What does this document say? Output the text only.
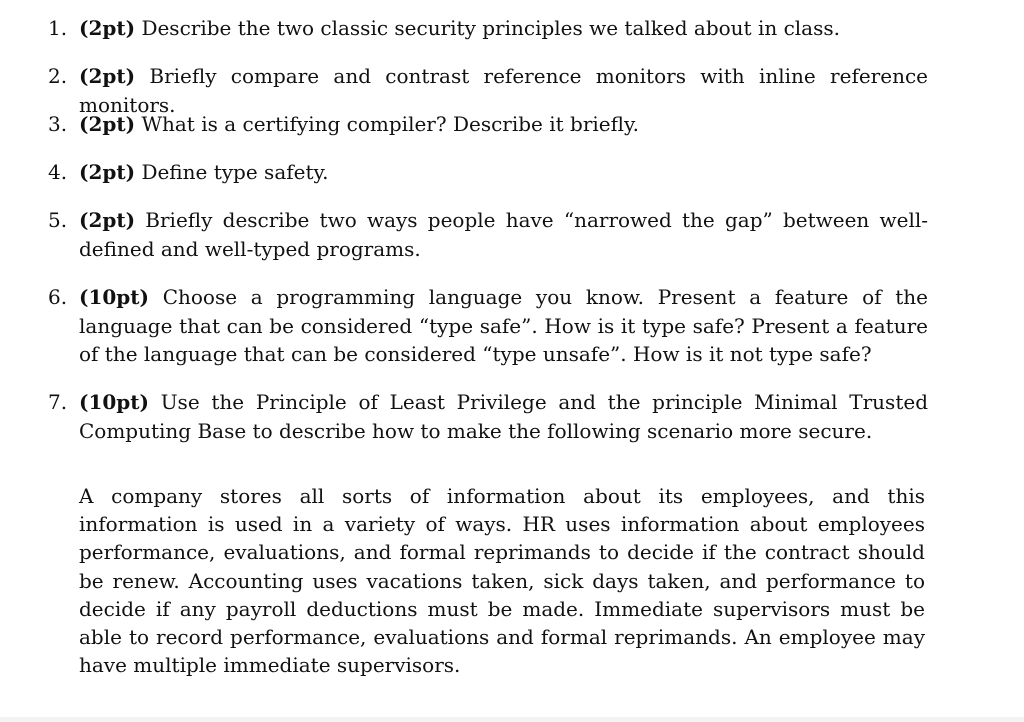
1. (2pt) Describe the two classic security principles we talked about in class.
2. (2pt) Briefly compare and contrast reference monitors with inline reference monitors.
3. (2pt) What is a certifying compiler? Describe it briefly.
4. (2pt) Define type safety.
5. (2pt) Briefly describe two ways people have “narrowed the gap” between well-defined and well-typed programs.
6. (10pt) Choose a programming language you know. Present a feature of the language that can be considered “type safe”. How is it type safe? Present a feature of the language that can be considered “type unsafe”. How is it not type safe?
7. (10pt) Use the Principle of Least Privilege and the principle Minimal Trusted Computing Base to describe how to make the following scenario more secure.
A company stores all sorts of information about its employees, and this information is used in a variety of ways. HR uses information about employees performance, evaluations, and formal reprimands to decide if the contract should be renew. Accounting uses vacations taken, sick days taken, and performance to decide if any payroll deductions must be made. Immediate supervisors must be able to record performance, evaluations and formal reprimands. An employee may have multiple immediate supervisors.
